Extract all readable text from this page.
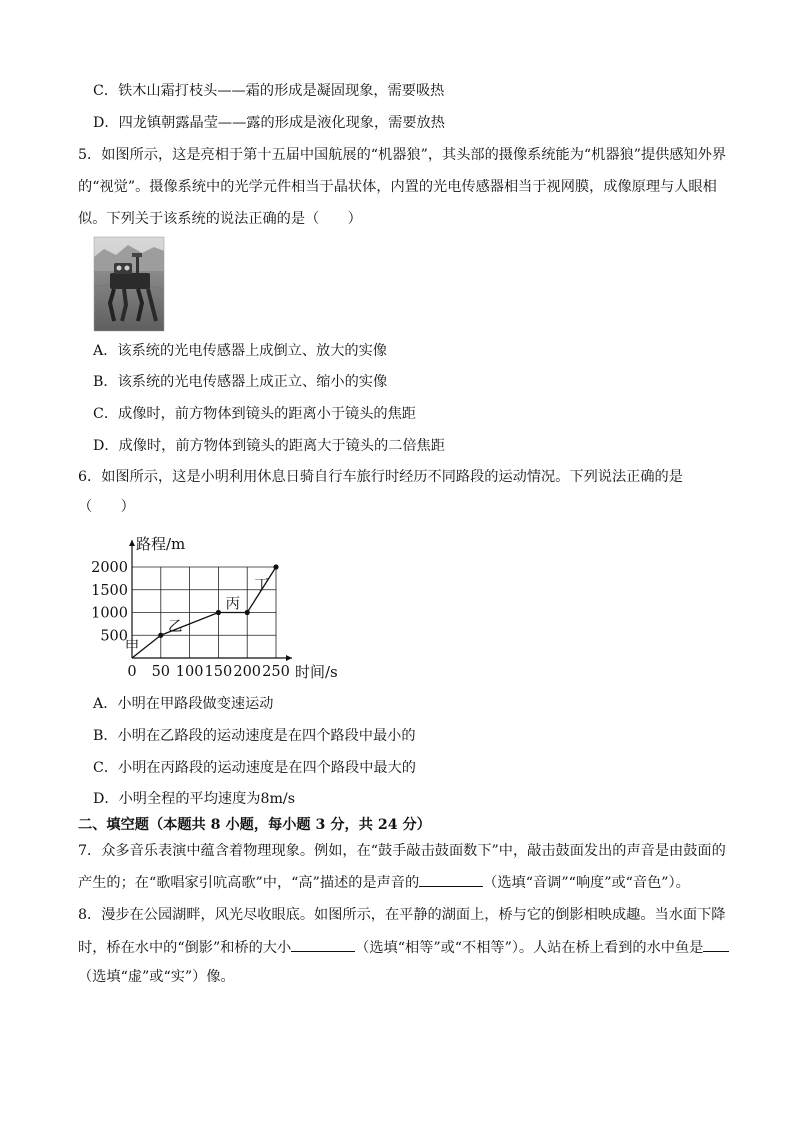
C．铁木山霜打枝头——霜的形成是凝固现象，需要吸热
D．四龙镇朝露晶莹——露的形成是液化现象，需要放热
5．如图所示，这是亮相于第十五届中国航展的“机器狼”，其头部的摄像系统能为“机器狼”提供感知外界
的“视觉”。摄像系统中的光学元件相当于晶状体，内置的光电传感器相当于视网膜，成像原理与人眼相
似。下列关于该系统的说法正确的是（　　）
A．该系统的光电传感器上成倒立、放大的实像
B．该系统的光电传感器上成正立、缩小的实像
C．成像时，前方物体到镜头的距离小于镜头的焦距
D．成像时，前方物体到镜头的距离大于镜头的二倍焦距
6．如图所示，这是小明利用休息日骑自行车旅行时经历不同路段的运动情况。下列说法正确的是
（　　）
0 50 100 150 200 250
500
1000
1500
2000
甲
乙
丙
丁
路程/m
时间/s
A．小明在甲路段做变速运动
B．小明在乙路段的运动速度是在四个路段中最小的
C．小明在丙路段的运动速度是在四个路段中最大的
D．小明全程的平均速度为8m/s
二、填空题（本题共 8 小题，每小题 3 分，共 24 分）
7．众多音乐表演中蕴含着物理现象。例如，在“鼓手敲击鼓面数下”中，敲击鼓面发出的声音是由鼓面的
产生的；在“歌唱家引吭高歌”中，“高”描述的是声音的	（选填“音调”“响度”或“音色”）。
8．漫步在公园湖畔，风光尽收眼底。如图所示，在平静的湖面上，桥与它的倒影相映成趣。当水面下降
时，桥在水中的“倒影”和桥的大小	（选填“相等”或“不相等”）。人站在桥上看到的水中鱼是
（选填“虚”或“实”）像。
